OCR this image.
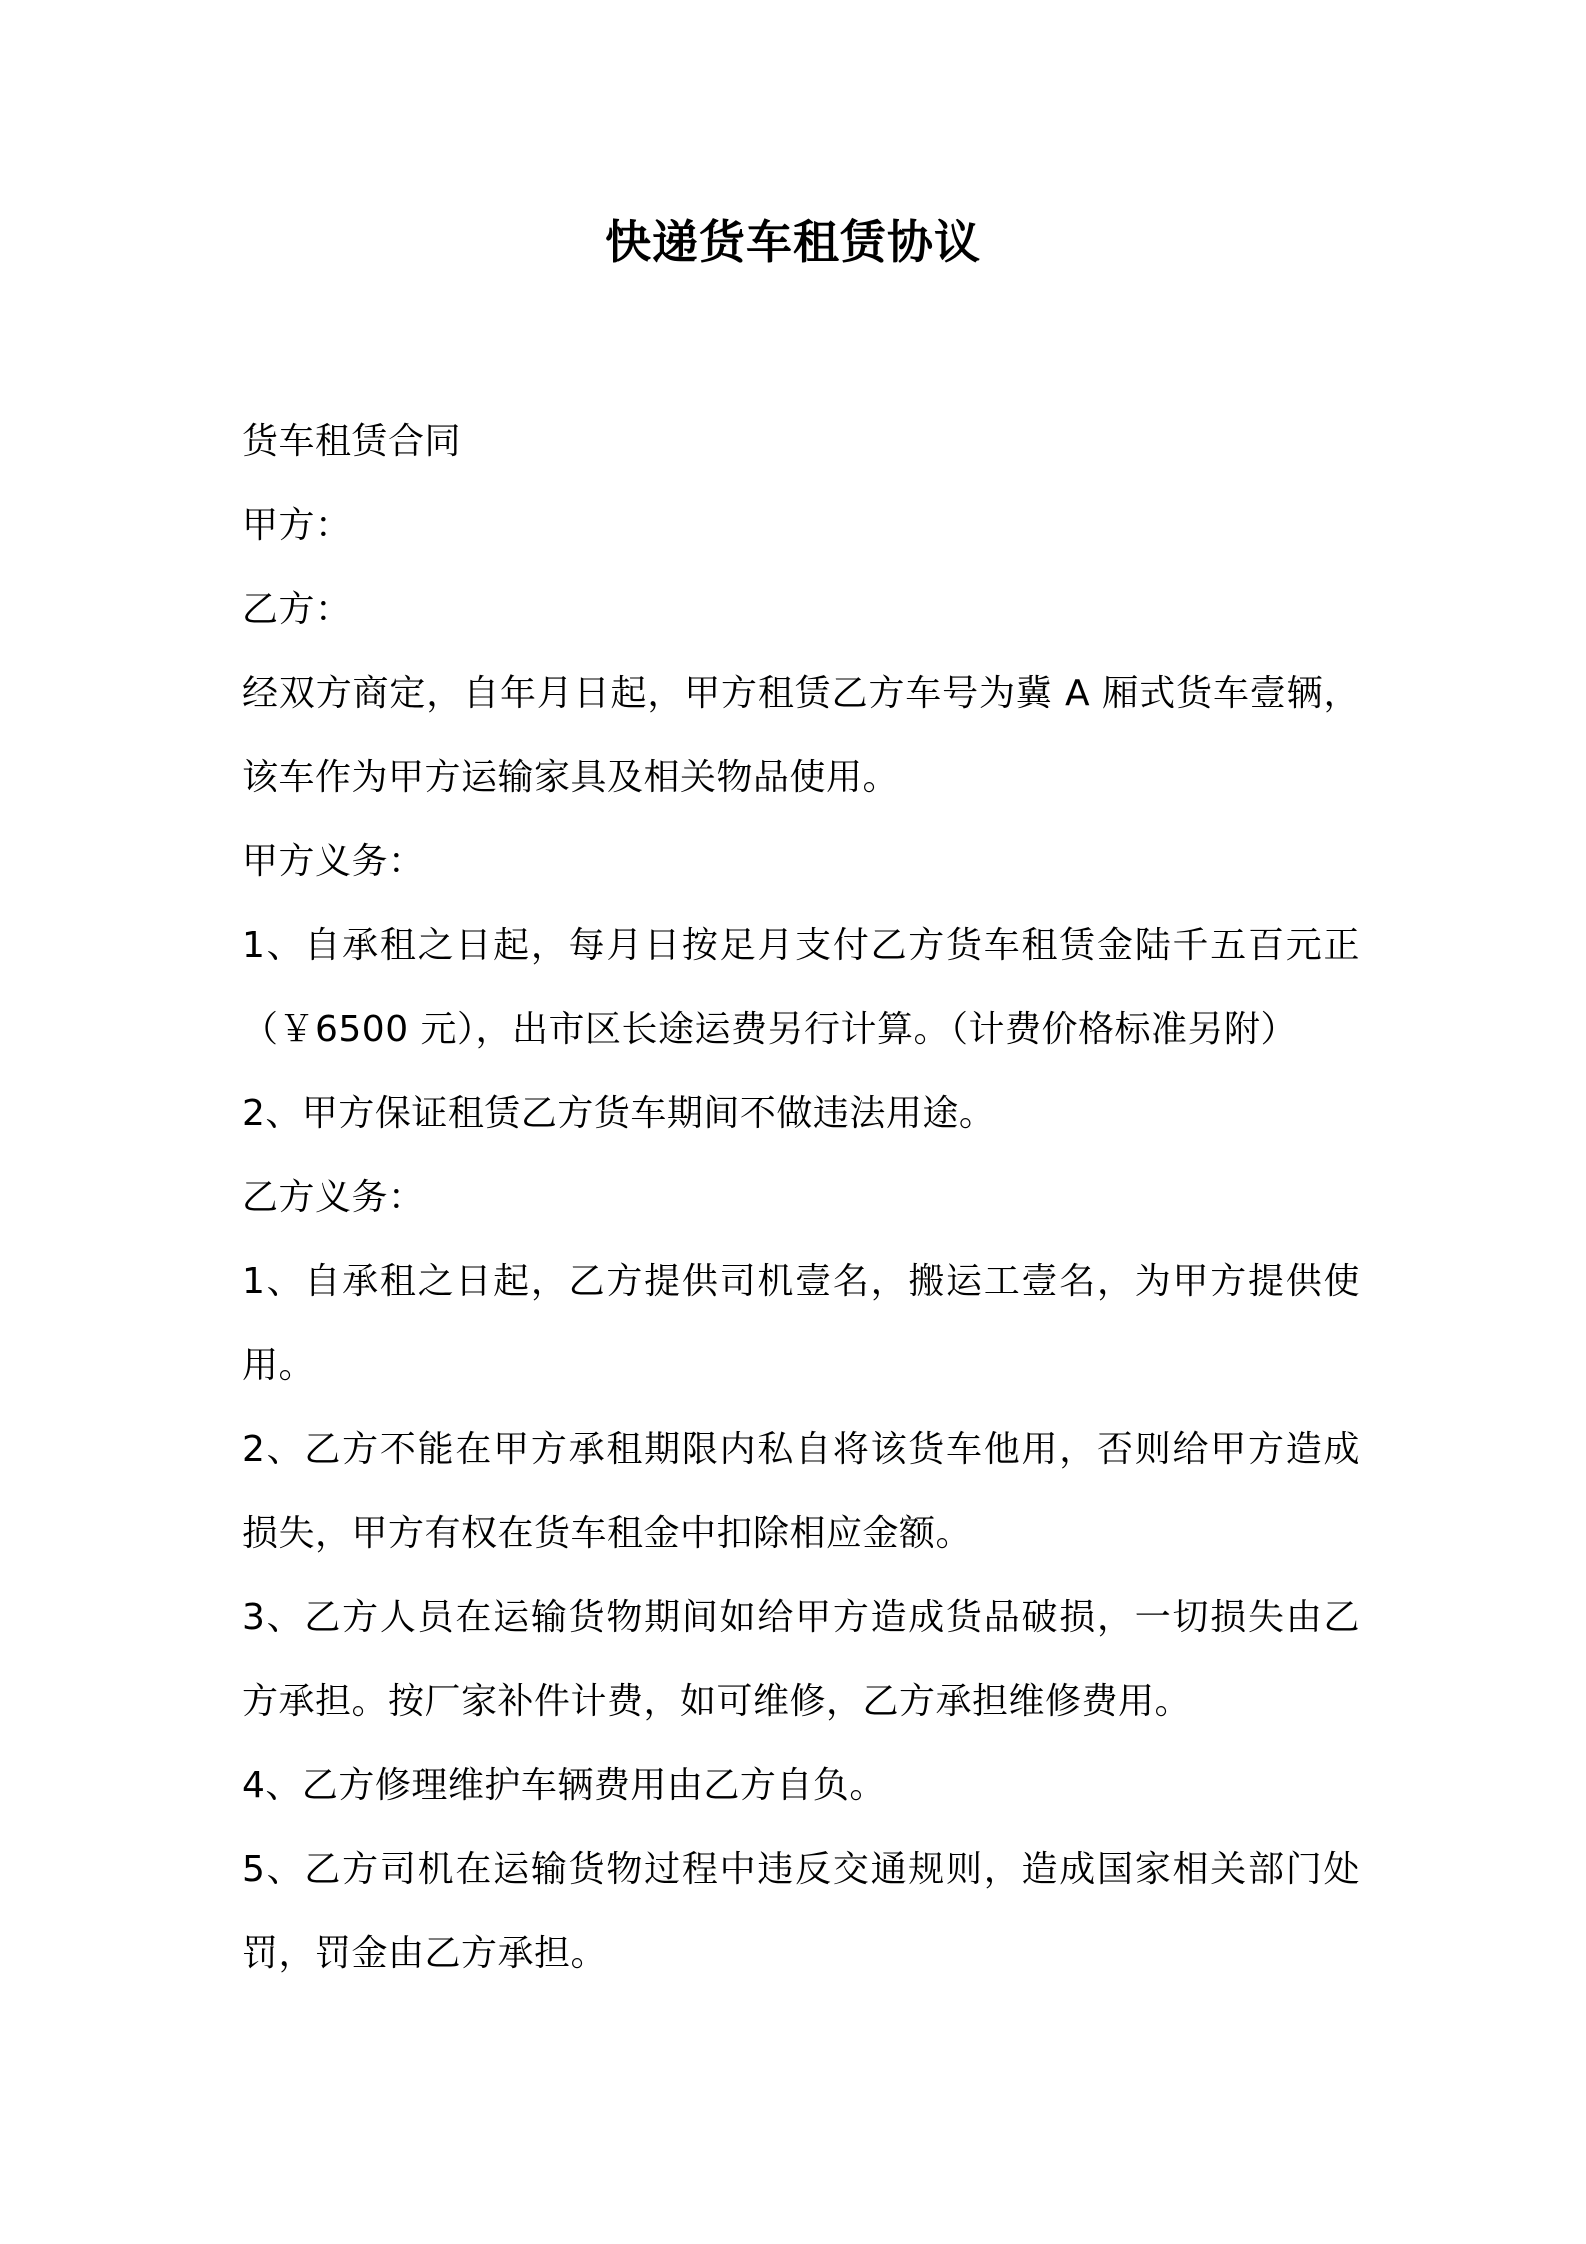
快递货车租赁协议

货车租赁合同

甲方：

乙方：

经双方商定，自年月日起，甲方租赁乙方车号为冀 A 厢式货车壹辆，该车作为甲方运输家具及相关物品使用。

甲方义务：

1、自承租之日起，每月日按足月支付乙方货车租赁金陆千五百元正（￥6500 元），出市区长途运费另行计算。（计费价格标准另附）

2、甲方保证租赁乙方货车期间不做违法用途。

乙方义务：

1、自承租之日起，乙方提供司机壹名，搬运工壹名，为甲方提供使用。

2、乙方不能在甲方承租期限内私自将该货车他用，否则给甲方造成损失，甲方有权在货车租金中扣除相应金额。

3、乙方人员在运输货物期间如给甲方造成货品破损，一切损失由乙方承担。按厂家补件计费，如可维修，乙方承担维修费用。

4、乙方修理维护车辆费用由乙方自负。

5、乙方司机在运输货物过程中违反交通规则，造成国家相关部门处罚，罚金由乙方承担。
